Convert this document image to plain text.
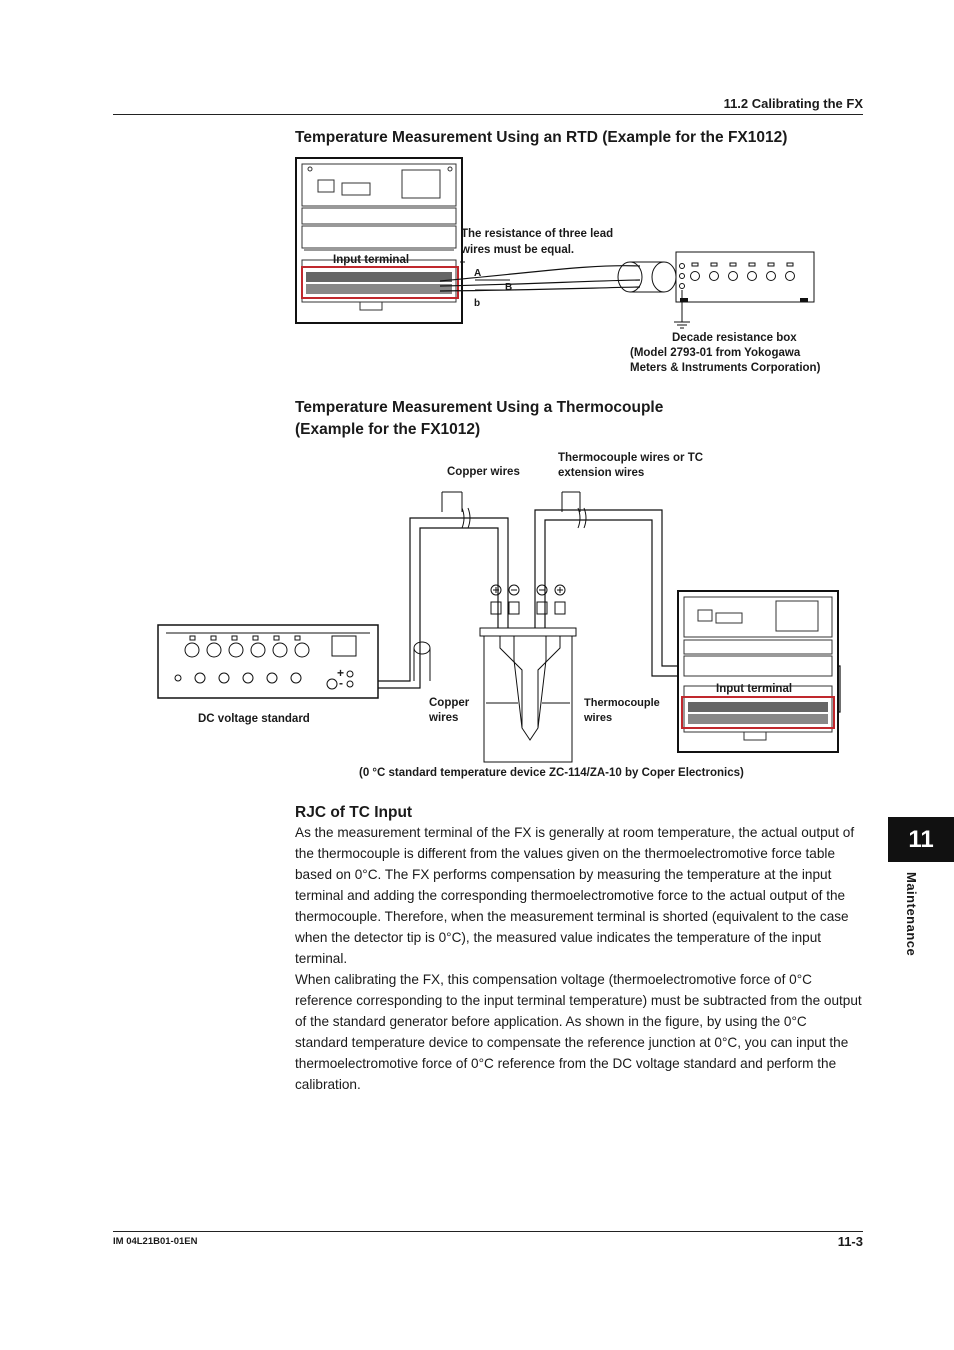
11.2 Calibrating the FX
Temperature Measurement Using an RTD (Example for the FX1012)
Input terminal
The resistance of three lead
wires must be equal.
A
B
b
Decade resistance box
(Model 2793-01 from Yokogawa
Meters & Instruments Corporation)
Temperature Measurement Using a Thermocouple
(Example for the FX1012)
Copper wires
Thermocouple wires or TC
extension wires
+
-
DC voltage standard
Copper
wires
Thermocouple
wires
Input terminal
(0 °C standard temperature device ZC-114/ZA-10 by Coper Electronics)
RJC of TC Input

As the measurement terminal of the FX is generally at room temperature, the actual output of the thermocouple is different from the values given on the thermoelectromotive force table based on 0°C. The FX performs compensation by measuring the temperature at the input terminal and adding the corresponding thermoelectromotive force to the actual output of the thermocouple. Therefore, when the measurement terminal is shorted (equivalent to the case when the detector tip is 0°C), the measured value indicates the temperature of the input terminal.

When calibrating the FX, this compensation voltage (thermoelectromotive force of 0°C reference corresponding to the input terminal temperature) must be subtracted from the output of the standard generator before application. As shown in the figure, by using the 0°C standard temperature device to compensate the reference junction at 0°C, you can input the thermoelectromotive force of 0°C reference from the DC voltage standard and perform the calibration.

11
Maintenance
IM 04L21B01-01EN	11-3
